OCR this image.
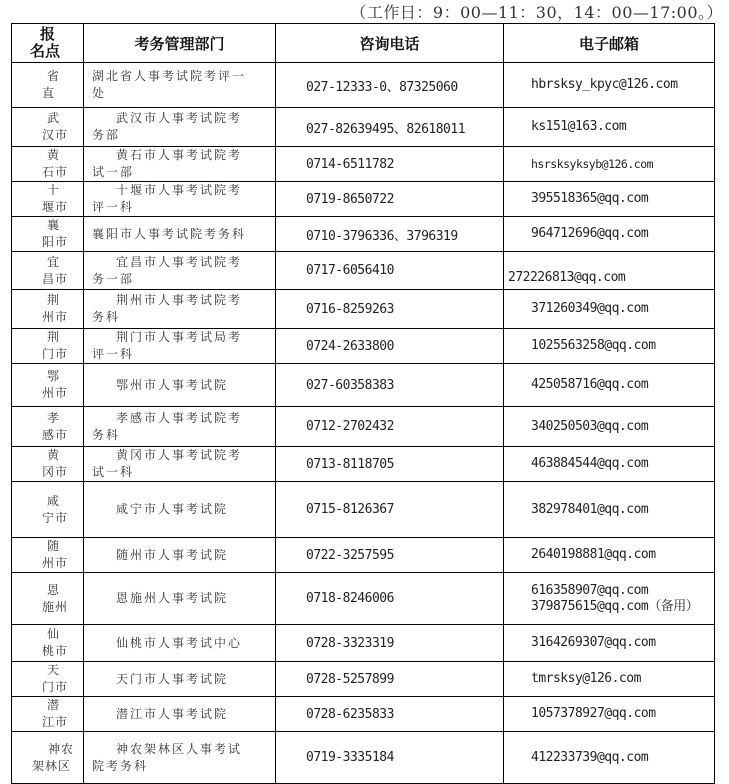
（工作日：9：00—11：30，14：00—17:00。）
报名点	考务管理部门	咨询电话	电子邮箱

省直	湖北省人事考试院考评一处	027-12333-0、87325060	hbrsksy_kpyc@126.com

武汉市	武汉市人事考试院考务部	027-82639495、82618011	ks151@163.com

黄石市	黄石市人事考试院考试一部	0714-6511782	hsrsksyksyb@126.com

十堰市	十堰市人事考试院考评一科	0719-8650722	395518365@qq.com

襄阳市	襄阳市人事考试院考务科	0710-3796336、3796319	964712696@qq.com

宜昌市	宜昌市人事考试院考务一部	0717-6056410	272226813@qq.com

荆州市	荆州市人事考试院考务科	0716-8259263	371260349@qq.com

荆门市	荆门市人事考试局考评一科	0724-2633800	1025563258@qq.com

鄂州市	鄂州市人事考试院	027-60358383	425058716@qq.com

孝感市	孝感市人事考试院考务科	0712-2702432	340250503@qq.com

黄冈市	黄冈市人事考试院考试一科	0713-8118705	463884544@qq.com

咸宁市	咸宁市人事考试院	0715-8126367	382978401@qq.com

随州市	随州市人事考试院	0722-3257595	2640198881@qq.com

恩施州	恩施州人事考试院	0718-8246006	616358907@qq.com
379875615@qq.com（备用）

仙桃市	仙桃市人事考试中心	0728-3323319	3164269307@qq.com

天门市	天门市人事考试院	0728-5257899	tmrsksy@126.com

潜江市	潜江市人事考试院	0728-6235833	1057378927@qq.com

神农架林区	神农架林区人事考试院考务科	0719-3335184	412233739@qq.com
